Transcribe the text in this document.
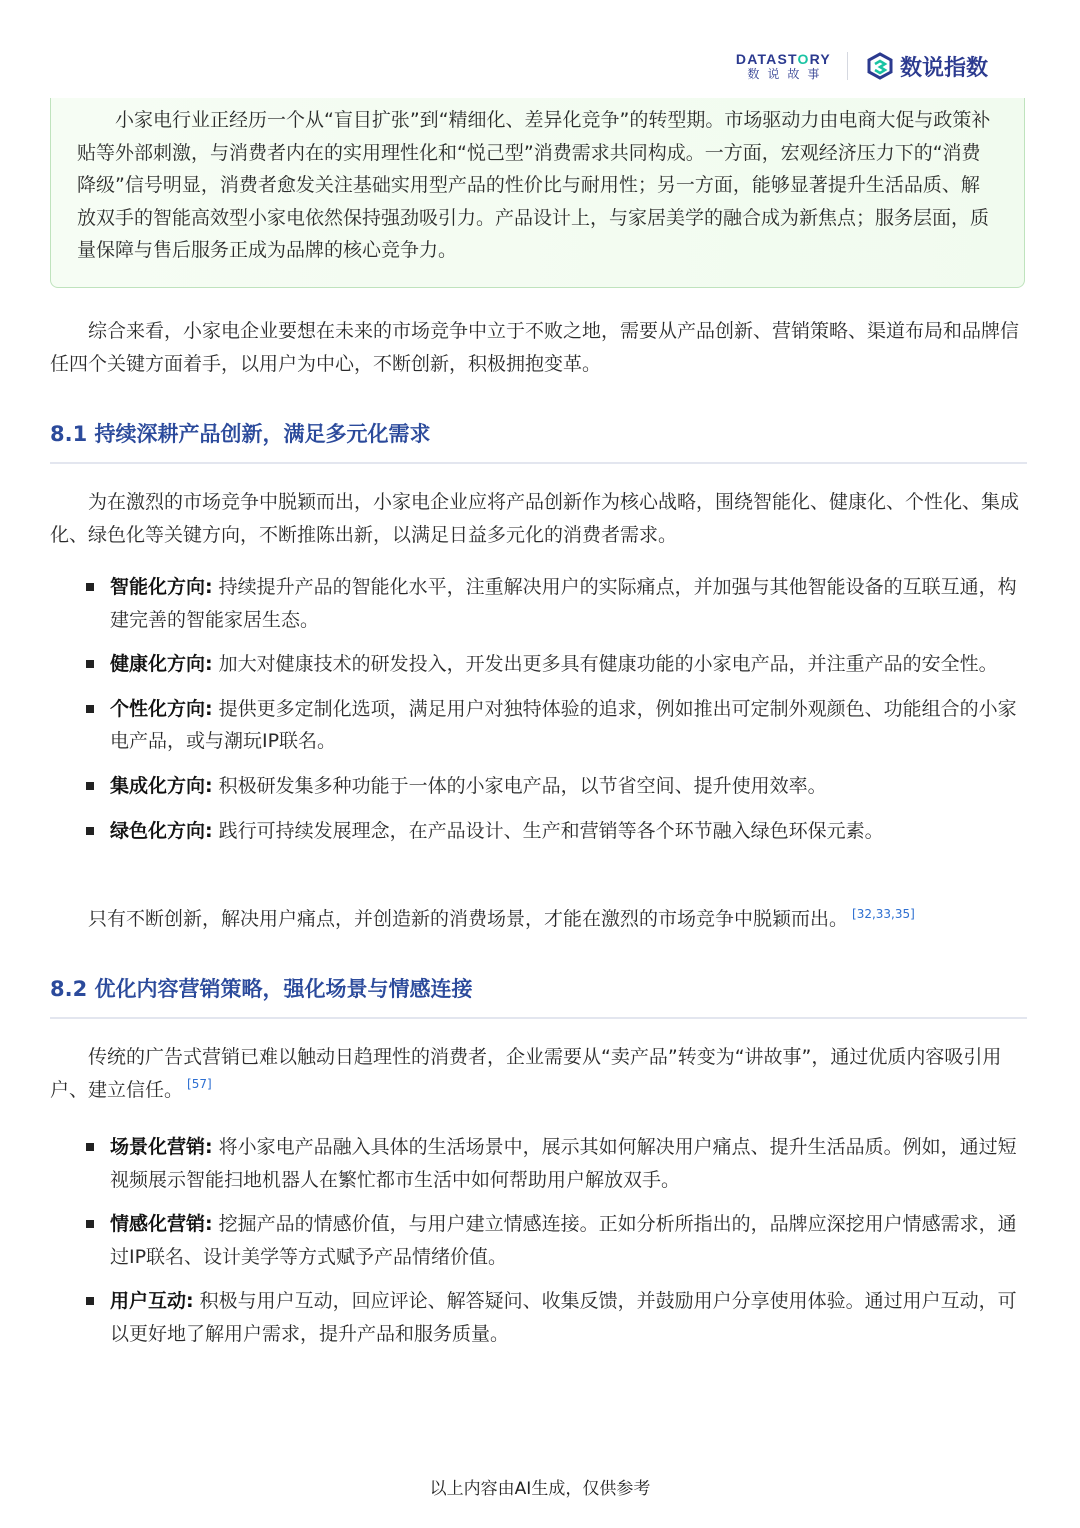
DATASTORY
数说故事	数说指数

小家电行业正经历一个从“盲目扩张”到“精细化、差异化竞争”的转型期。市场驱动力由电商大促与政策补贴等外部刺激，与消费者内在的实用理性化和“悦己型”消费需求共同构成。一方面，宏观经济压力下的“消费降级”信号明显，消费者愈发关注基础实用型产品的性价比与耐用性；另一方面，能够显著提升生活品质、解放双手的智能高效型小家电依然保持强劲吸引力。产品设计上，与家居美学的融合成为新焦点；服务层面，质量保障与售后服务正成为品牌的核心竞争力。

综合来看，小家电企业要想在未来的市场竞争中立于不败之地，需要从产品创新、营销策略、渠道布局和品牌信任四个关键方面着手，以用户为中心，不断创新，积极拥抱变革。

8.1 持续深耕产品创新，满足多元化需求

为在激烈的市场竞争中脱颖而出，小家电企业应将产品创新作为核心战略，围绕智能化、健康化、个性化、集成化、绿色化等关键方向，不断推陈出新，以满足日益多元化的消费者需求。

智能化方向: 持续提升产品的智能化水平，注重解决用户的实际痛点，并加强与其他智能设备的互联互通，构建完善的智能家居生态。
健康化方向: 加大对健康技术的研发投入，开发出更多具有健康功能的小家电产品，并注重产品的安全性。
个性化方向: 提供更多定制化选项，满足用户对独特体验的追求，例如推出可定制外观颜色、功能组合的小家电产品，或与潮玩IP联名。
集成化方向: 积极研发集多种功能于一体的小家电产品，以节省空间、提升使用效率。
绿色化方向: 践行可持续发展理念，在产品设计、生产和营销等各个环节融入绿色环保元素。

只有不断创新，解决用户痛点，并创造新的消费场景，才能在激烈的市场竞争中脱颖而出。 [32,33,35]

8.2 优化内容营销策略，强化场景与情感连接

传统的广告式营销已难以触动日趋理性的消费者，企业需要从“卖产品”转变为“讲故事”，通过优质内容吸引用户、建立信任。 [57]

场景化营销: 将小家电产品融入具体的生活场景中，展示其如何解决用户痛点、提升生活品质。例如，通过短视频展示智能扫地机器人在繁忙都市生活中如何帮助用户解放双手。
情感化营销: 挖掘产品的情感价值，与用户建立情感连接。正如分析所指出的，品牌应深挖用户情感需求，通过IP联名、设计美学等方式赋予产品情绪价值。
用户互动: 积极与用户互动，回应评论、解答疑问、收集反馈，并鼓励用户分享使用体验。通过用户互动，可以更好地了解用户需求，提升产品和服务质量。
以上内容由AI生成，仅供参考
